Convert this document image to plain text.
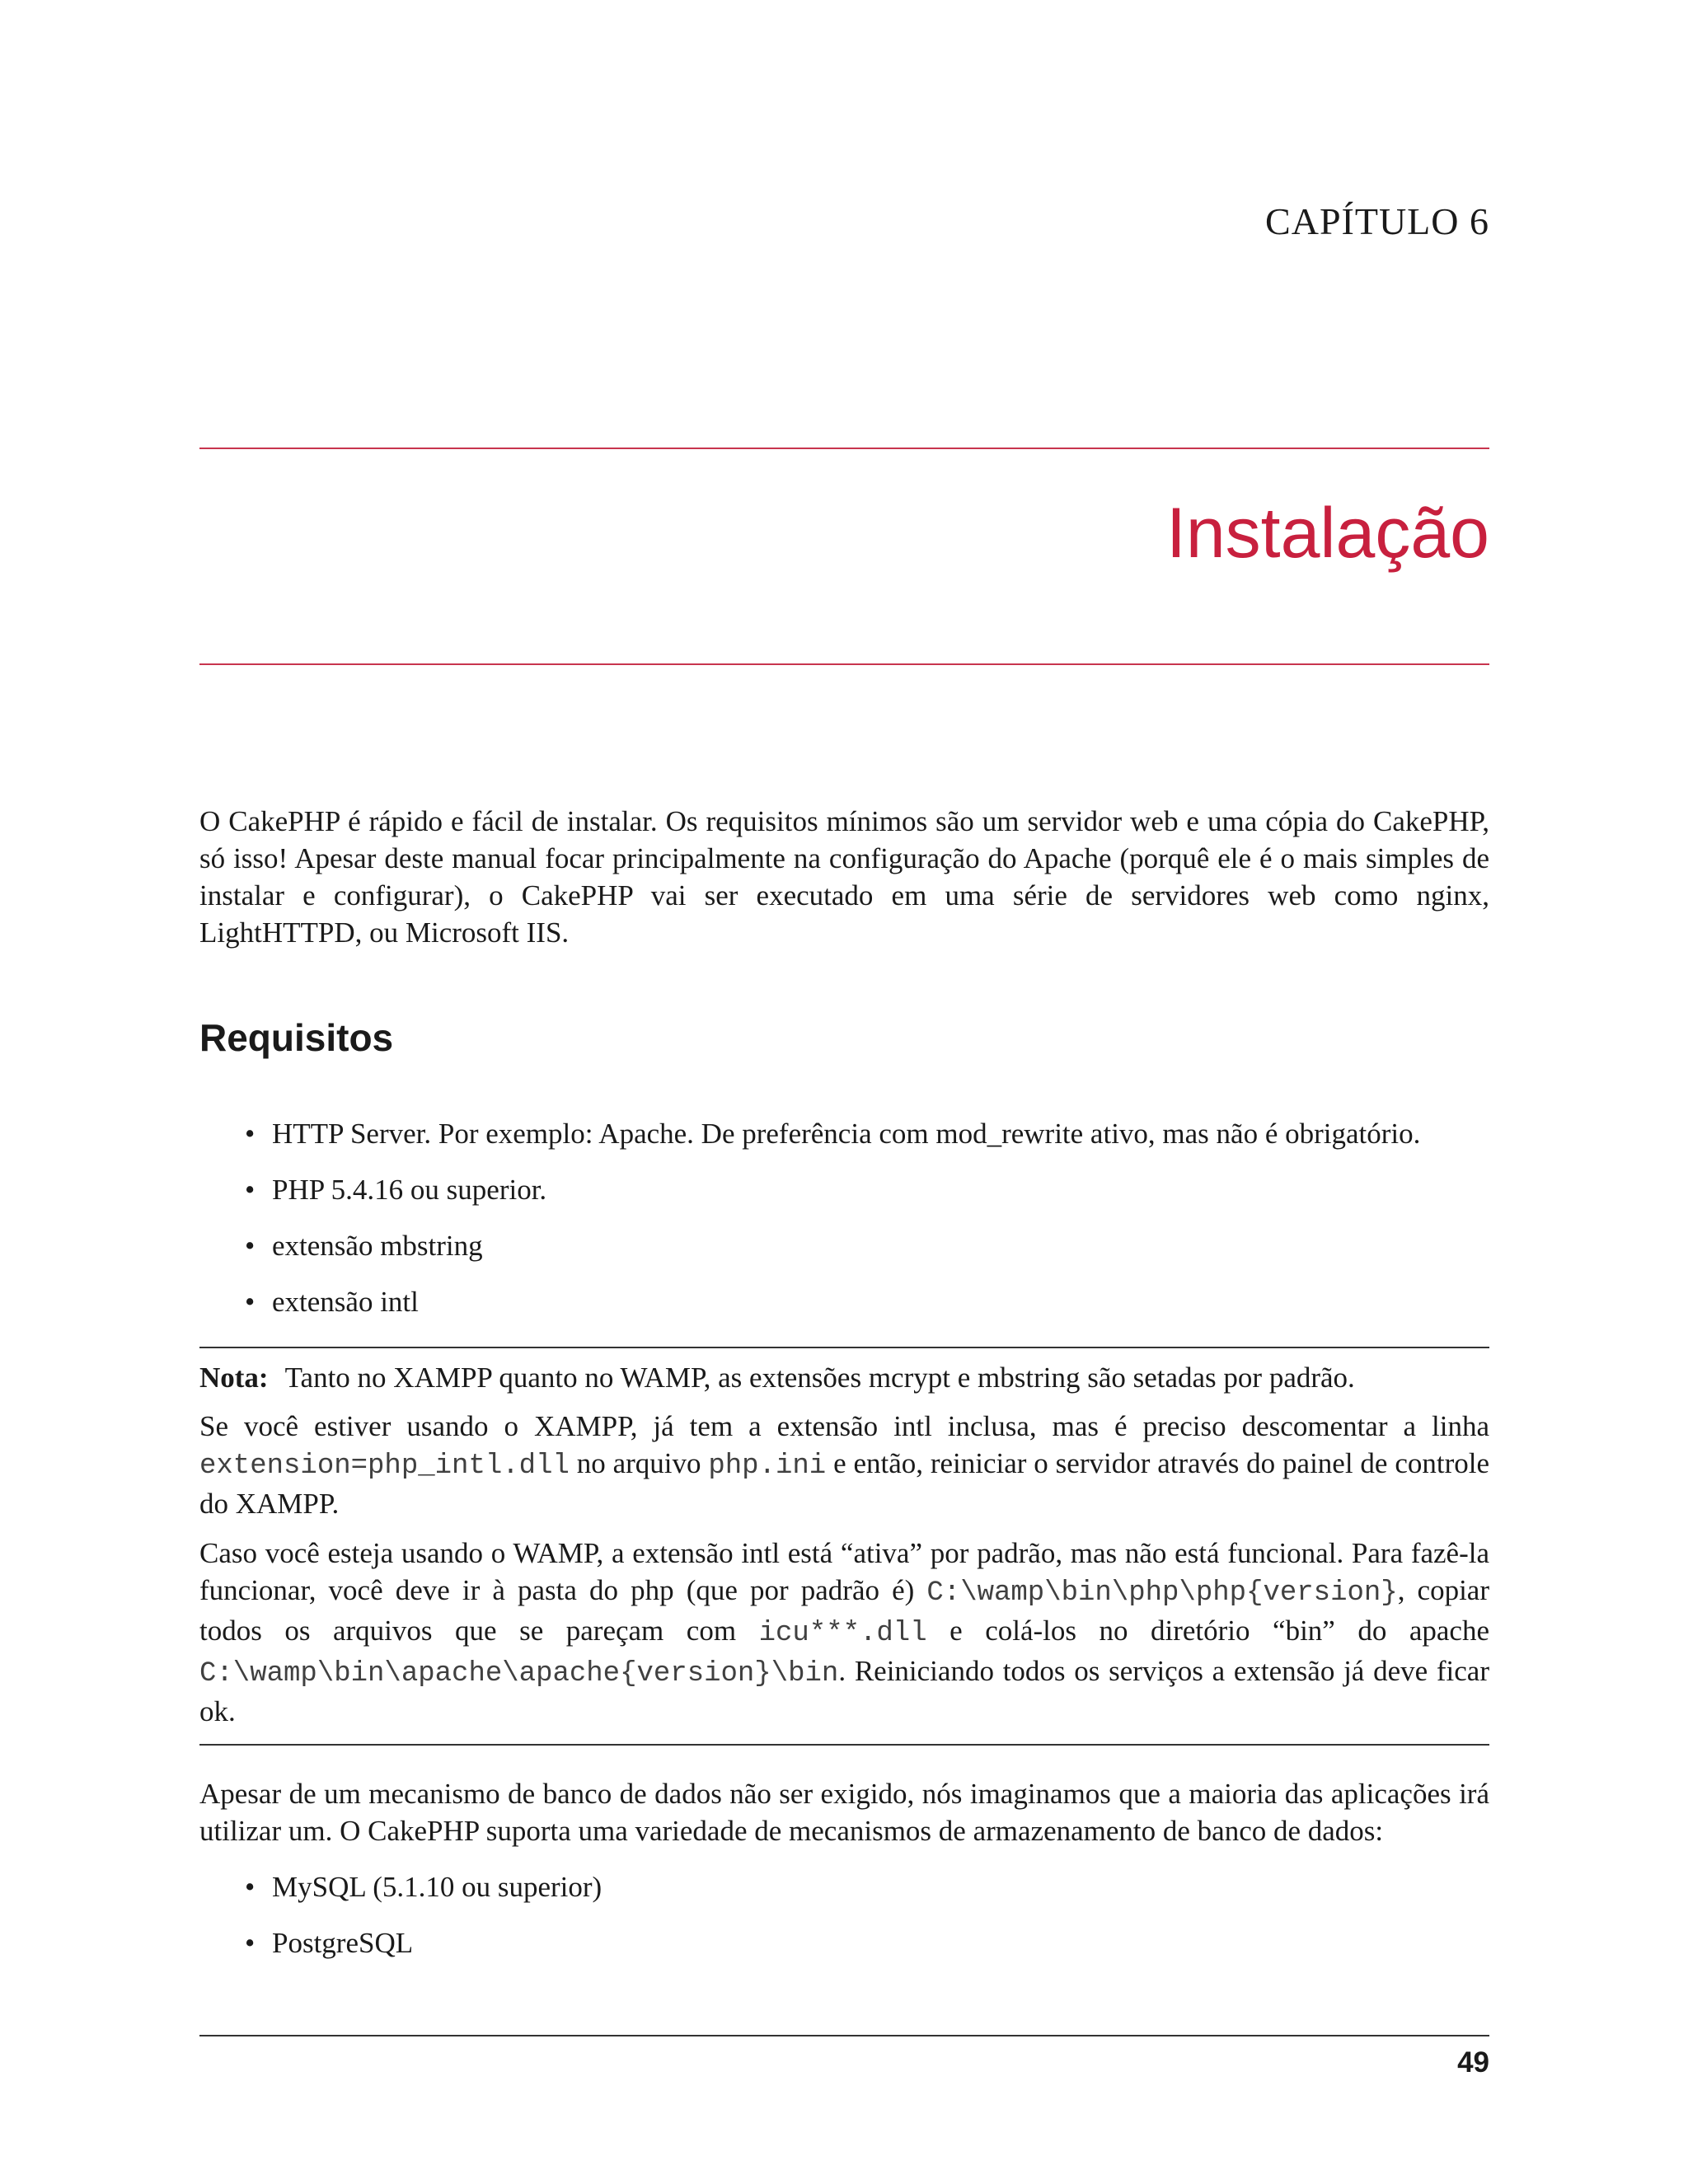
CAPÍTULO 6
Instalação

O CakePHP é rápido e fácil de instalar. Os requisitos mínimos são um servidor web e uma cópia do CakePHP, só isso! Apesar deste manual focar principalmente na configuração do Apache (porquê ele é o mais simples de instalar e configurar), o CakePHP vai ser executado em uma série de servidores web como nginx, LightHTTPD, ou Microsoft IIS.

Requisitos
• HTTP Server. Por exemplo: Apache. De preferência com mod_rewrite ativo, mas não é obrigatório.
• PHP 5.4.16 ou superior.
• extensão mbstring
• extensão intl
Nota: Tanto no XAMPP quanto no WAMP, as extensões mcrypt e mbstring são setadas por padrão.

Se você estiver usando o XAMPP, já tem a extensão intl inclusa, mas é preciso descomentar a linha extension=php_intl.dll no arquivo php.ini e então, reiniciar o servidor através do painel de controle do XAMPP.

Caso você esteja usando o WAMP, a extensão intl está “ativa” por padrão, mas não está funcional. Para fazê-la funcionar, você deve ir à pasta do php (que por padrão é) C:\wamp\bin\php\php{version}, copiar todos os arquivos que se pareçam com icu***.dll e colá-los no diretório “bin” do apache C:\wamp\bin\apache\apache{version}\bin. Reiniciando todos os serviços a extensão já deve ficar ok.

Apesar de um mecanismo de banco de dados não ser exigido, nós imaginamos que a maioria das aplicações irá utilizar um. O CakePHP suporta uma variedade de mecanismos de armazenamento de banco de dados:

• MySQL (5.1.10 ou superior)
• PostgreSQL
49
